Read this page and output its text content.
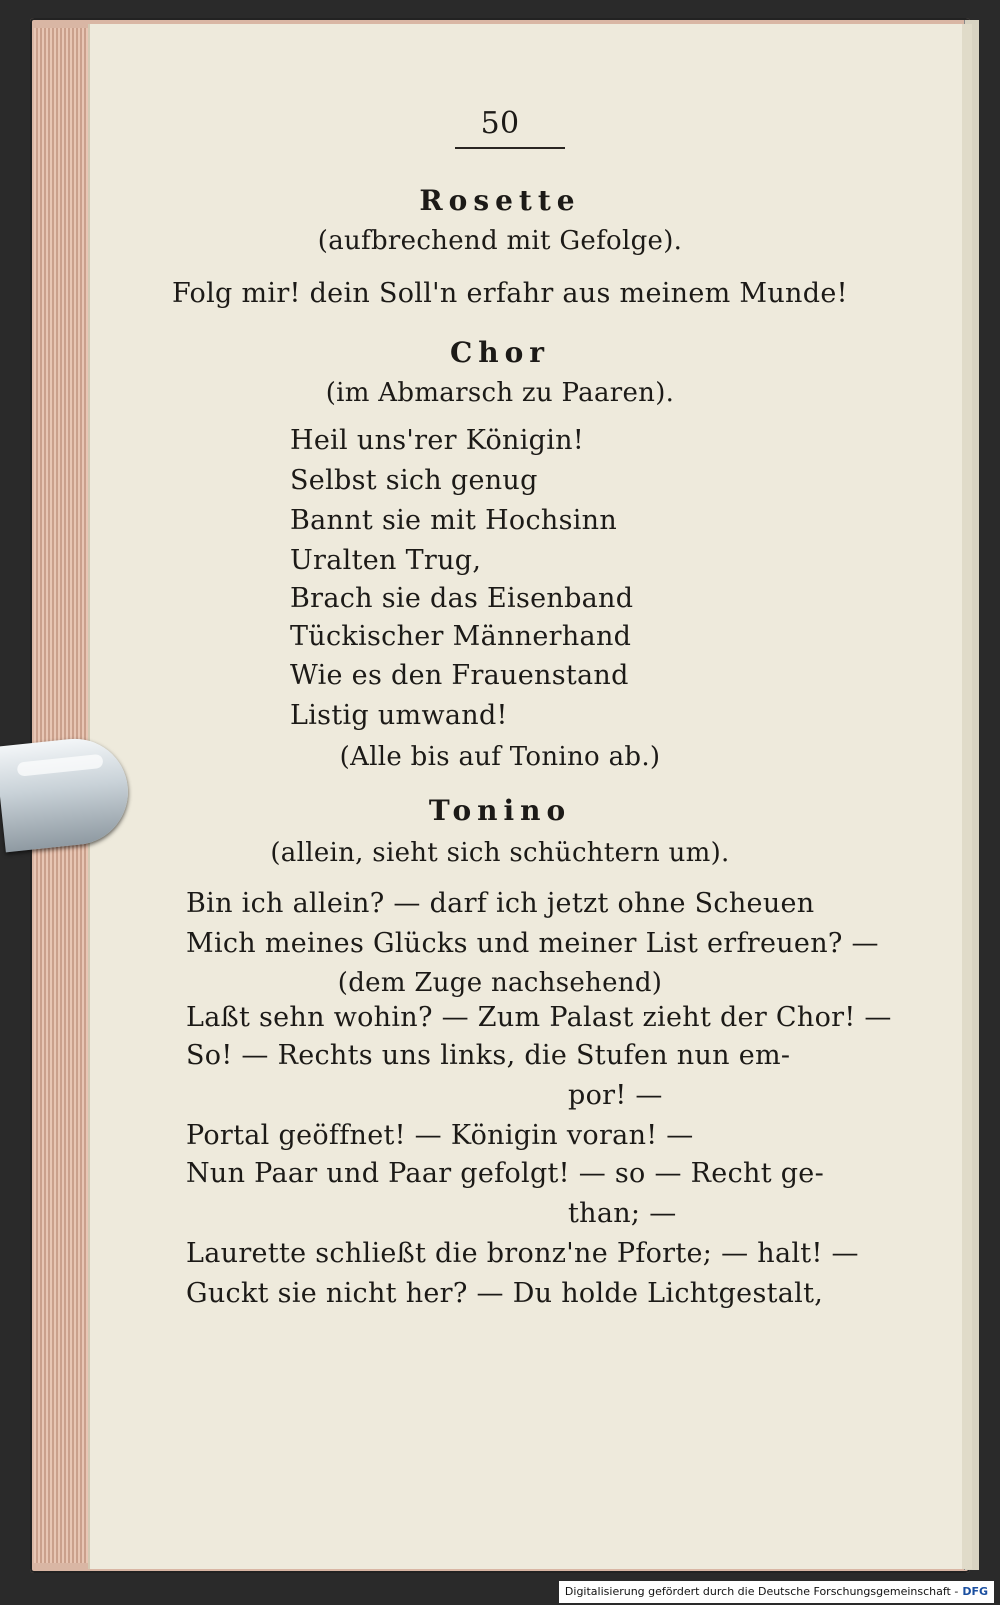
50
Rosette
(aufbrechend mit Gefolge).
Folg mir! dein Soll'n erfahr aus meinem Munde!
Chor
(im Abmarsch zu Paaren).
Heil uns'rer Königin!
Selbst sich genug
Bannt sie mit Hochsinn
Uralten Trug,
Brach sie das Eisenband
Tückischer Männerhand
Wie es den Frauenstand
Listig umwand!
(Alle bis auf Tonino ab.)
Tonino
(allein, sieht sich schüchtern um).
Bin ich allein? — darf ich jetzt ohne Scheuen
Mich meines Glücks und meiner List erfreuen? —
(dem Zuge nachsehend)
Laßt sehn wohin? — Zum Palast zieht der Chor! —
So! — Rechts uns links, die Stufen nun em-
por! —
Portal geöffnet! — Königin voran! —
Nun Paar und Paar gefolgt! — so — Recht ge-
than; —
Laurette schließt die bronz'ne Pforte; — halt! —
Guckt sie nicht her? — Du holde Lichtgestalt,
Digitalisierung gefördert durch die Deutsche Forschungsgemeinschaft - DFG
